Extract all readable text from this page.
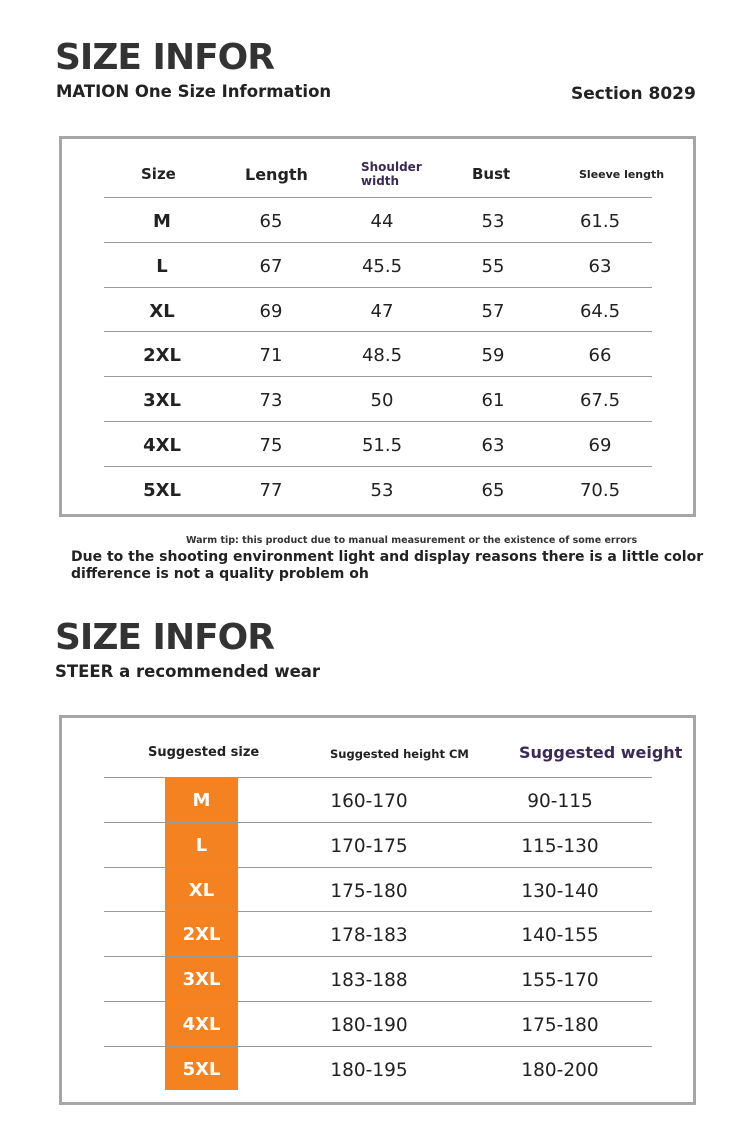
SIZE INFOR
MATION One Size Information	Section 8029
Size	Length	Shoulder width	Bust	Sleeve length
M	65	44	53	61.5
L	67	45.5	55	63
XL	69	47	57	64.5
2XL	71	48.5	59	66
3XL	73	50	61	67.5
4XL	75	51.5	63	69
5XL	77	53	65	70.5
Warm tip: this product due to manual measurement or the existence of some errors
Due to the shooting environment light and display reasons there is a little color
difference is not a quality problem oh
SIZE INFOR
STEER a recommended wear
Suggested size	Suggested height CM	Suggested weight
M	160-170	90-115
L	170-175	115-130
XL	175-180	130-140
2XL	178-183	140-155
3XL	183-188	155-170
4XL	180-190	175-180
5XL	180-195	180-200
